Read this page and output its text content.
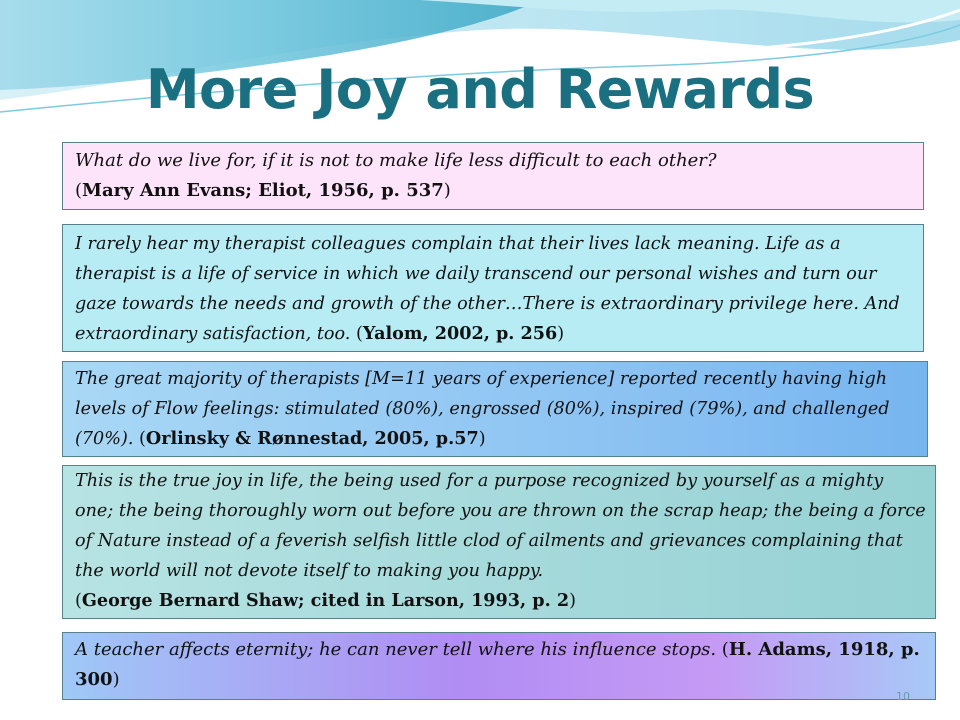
More Joy and Rewards
What do we live for, if it is not to make life less difficult to each other?
(Mary Ann Evans; Eliot, 1956, p. 537)
I rarely hear my therapist colleagues complain that their lives lack meaning. Life as a therapist is a life of service in which we daily transcend our personal wishes and turn our gaze towards the needs and growth of the other…There is extraordinary privilege here. And extraordinary satisfaction, too. (Yalom, 2002, p. 256)
The great majority of therapists [M=11 years of experience] reported recently having high levels of Flow feelings: stimulated (80%), engrossed (80%), inspired (79%), and challenged (70%). (Orlinsky & Rønnestad, 2005, p.57)
This is the true joy in life, the being used for a purpose recognized by yourself as a mighty one; the being thoroughly worn out before you are thrown on the scrap heap; the being a force of Nature instead of a feverish selfish little clod of ailments and grievances complaining that the world will not devote itself to making you happy.
(George Bernard Shaw; cited in Larson, 1993, p. 2)
A teacher affects eternity; he can never tell where his influence stops. (H. Adams, 1918, p. 300)
10
